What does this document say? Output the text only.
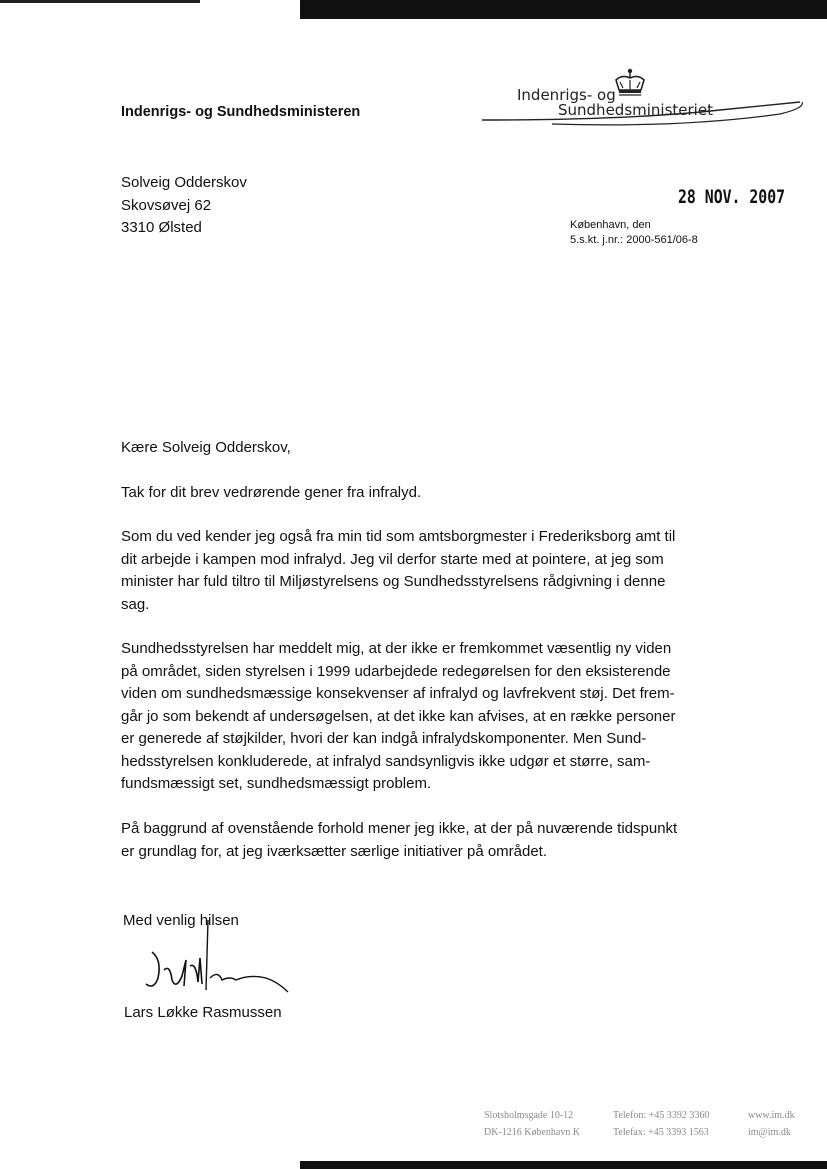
Indenrigs- og Sundhedsministeren
Indenrigs- og
Sundhedsministeriet
Solveig Odderskov
Skovsøvej 62
3310 Ølsted
28 NOV. 2007
København, den
5.s.kt. j.nr.: 2000-561/06-8
Kære Solveig Odderskov,
Tak for dit brev vedrørende gener fra infralyd.
Som du ved kender jeg også fra min tid som amtsborgmester i Frederiksborg amt til
dit arbejde i kampen mod infralyd. Jeg vil derfor starte med at pointere, at jeg som
minister har fuld tiltro til Miljøstyrelsens og Sundhedsstyrelsens rådgivning i denne
sag.
Sundhedsstyrelsen har meddelt mig, at der ikke er fremkommet væsentlig ny viden
på området, siden styrelsen i 1999 udarbejdede redegørelsen for den eksisterende
viden om sundhedsmæssige konsekvenser af infralyd og lavfrekvent støj. Det frem-
går jo som bekendt af undersøgelsen, at det ikke kan afvises, at en række personer
er generede af støjkilder, hvori der kan indgå infralydskomponenter. Men Sund-
hedsstyrelsen konkluderede, at infralyd sandsynligvis ikke udgør et større, sam-
fundsmæssigt set, sundhedsmæssigt problem.
På baggrund af ovenstående forhold mener jeg ikke, at der på nuværende tidspunkt
er grundlag for, at jeg iværksætter særlige initiativer på området.
Med venlig hilsen
Lars Løkke Rasmussen
Slotsholmsgade 10-12
DK-1216 København K
Telefon: +45 3392 3360
Telefax: +45 3393 1563
www.im.dk
im@im.dk
